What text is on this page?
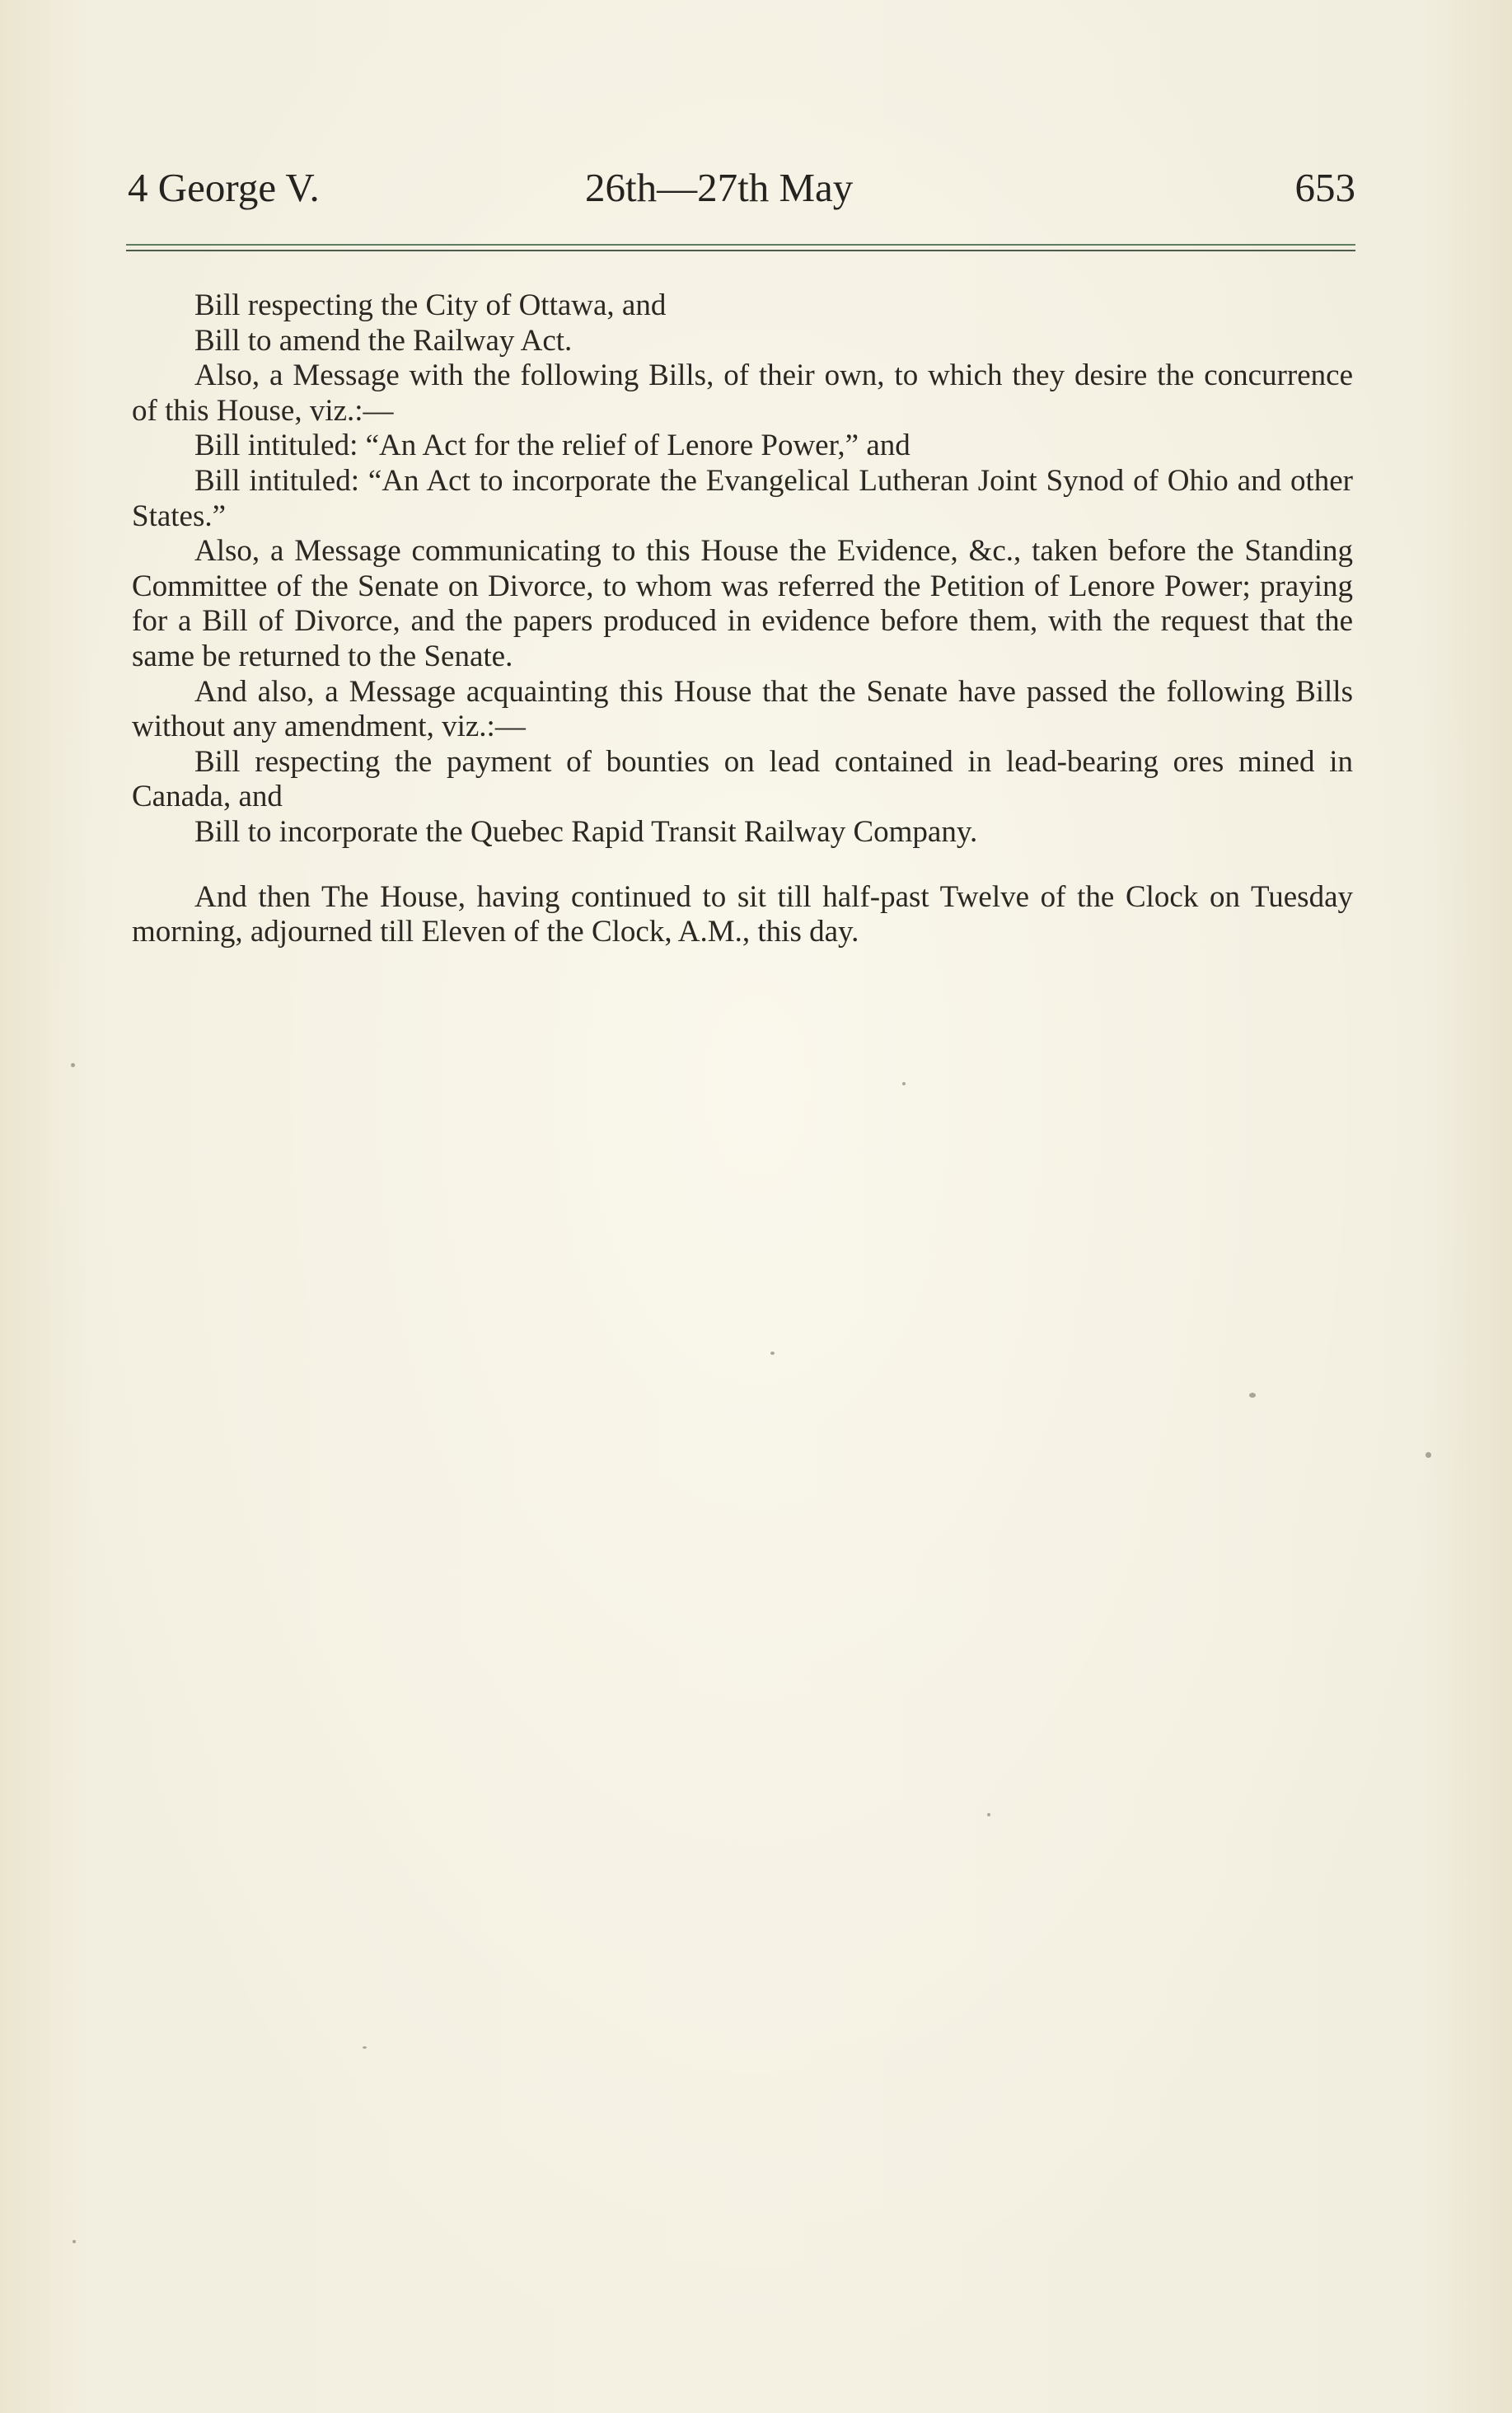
4 George V.	26th—27th May	653

Bill respecting the City of Ottawa, and

Bill to amend the Railway Act.

Also, a Message with the following Bills, of their own, to which they desire the concurrence of this House, viz.:—

Bill intituled: “An Act for the relief of Lenore Power,” and

Bill intituled: “An Act to incorporate the Evangelical Lutheran Joint Synod of Ohio and other States.”

Also, a Message communicating to this House the Evidence, &c., taken before the Standing Committee of the Senate on Divorce, to whom was referred the Petition of Lenore Power; praying for a Bill of Divorce, and the papers produced in evidence before them, with the request that the same be returned to the Senate.

And also, a Message acquainting this House that the Senate have passed the following Bills without any amendment, viz.:—

Bill respecting the payment of bounties on lead contained in lead-bearing ores mined in Canada, and

Bill to incorporate the Quebec Rapid Transit Railway Company.

And then The House, having continued to sit till half-past Twelve of the Clock on Tuesday morning, adjourned till Eleven of the Clock, A.M., this day.
